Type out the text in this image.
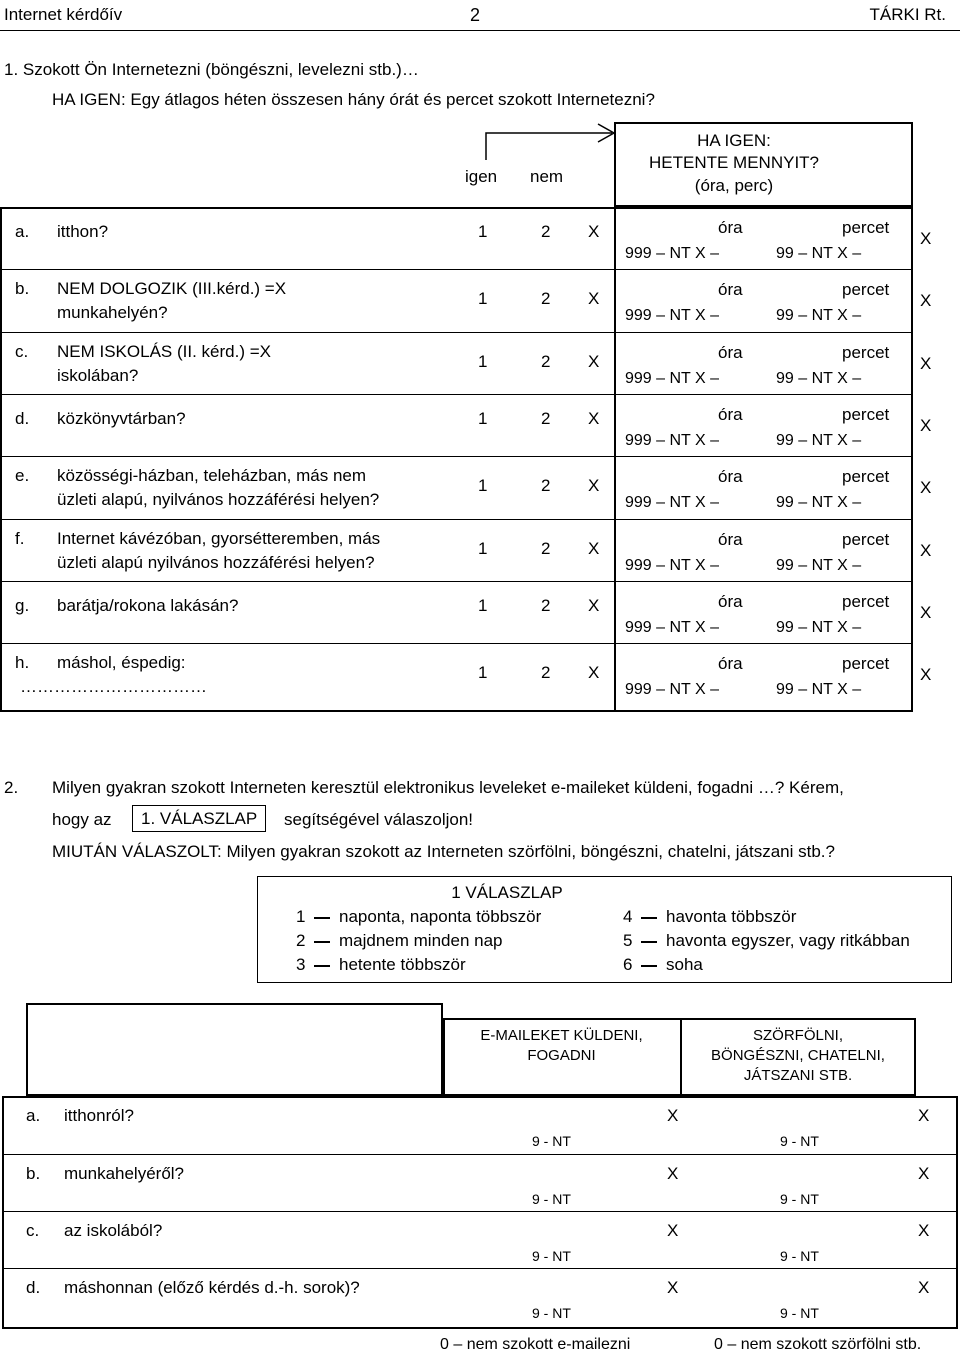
Internet kérdőív	2	TÁRKI Rt.
1. Szokott Ön Internetezni (böngészni, levelezni stb.)…
HA IGEN: Egy átlagos héten összesen hány órát és percet szokott Internetezni?
HA IGEN:
HETENTE MENNYIT?
(óra, perc)
igen nem
a. itthon?	1	2 X	óra	percet
999 – NT X –	99 – NT X –
X
b. NEM DOLGOZIK (III.kérd.) =X
munkahelyén?
1	2 X	óra	percet
999 – NT X –	99 – NT X –
X
c. NEM ISKOLÁS (II. kérd.) =X
iskolában?
1	2 X	óra	percet
999 – NT X –	99 – NT X –
X
d. közkönyvtárban?	1	2 X	óra	percet
999 – NT X –	99 – NT X –
X
e. közösségi-házban, teleházban, más nem
üzleti alapú, nyilvános hozzáférési helyen?
1	2 X	óra	percet
999 – NT X –	99 – NT X –
X
f. Internet kávézóban, gyorsétteremben, más
üzleti alapú nyilvános hozzáférési helyen?
1	2 X	óra	percet
999 – NT X –	99 – NT X –
X
g. barátja/rokona lakásán?	1	2 X	óra	percet
999 – NT X –	99 – NT X –
X
h. máshol, éspedig:
……………………………
1	2 X	óra	percet
999 – NT X –	99 – NT X –
X
2. Milyen gyakran szokott Interneten keresztül elektronikus leveleket e-maileket küldeni, fogadni …? Kérem,
hogy az	1. VÁLASZLAP	segítségével válaszoljon!
MIUTÁN VÁLASZOLT: Milyen gyakran szokott az Interneten szörfölni, böngészni, chatelni, játszani stb.?
1 VÁLASZLAP
1 naponta, naponta többször
2 majdnem minden nap
3 hetente többször
4 havonta többször
5 havonta egyszer, vagy ritkábban
6 soha
E-MAILEKET KÜLDENI,
FOGADNI
SZÖRFÖLNI,
BÖNGÉSZNI, CHATELNI,
JÁTSZANI STB.
a. itthonról?	X	X
9 - NT	9 - NT
b. munkahelyéről?	X	X
9 - NT	9 - NT
c. az iskolából?	X	X
9 - NT	9 - NT
d. máshonnan (előző kérdés d.-h. sorok)?	X	X
9 - NT	9 - NT
0 – nem szokott e-mailezni	0 – nem szokott szörfölni stb.
